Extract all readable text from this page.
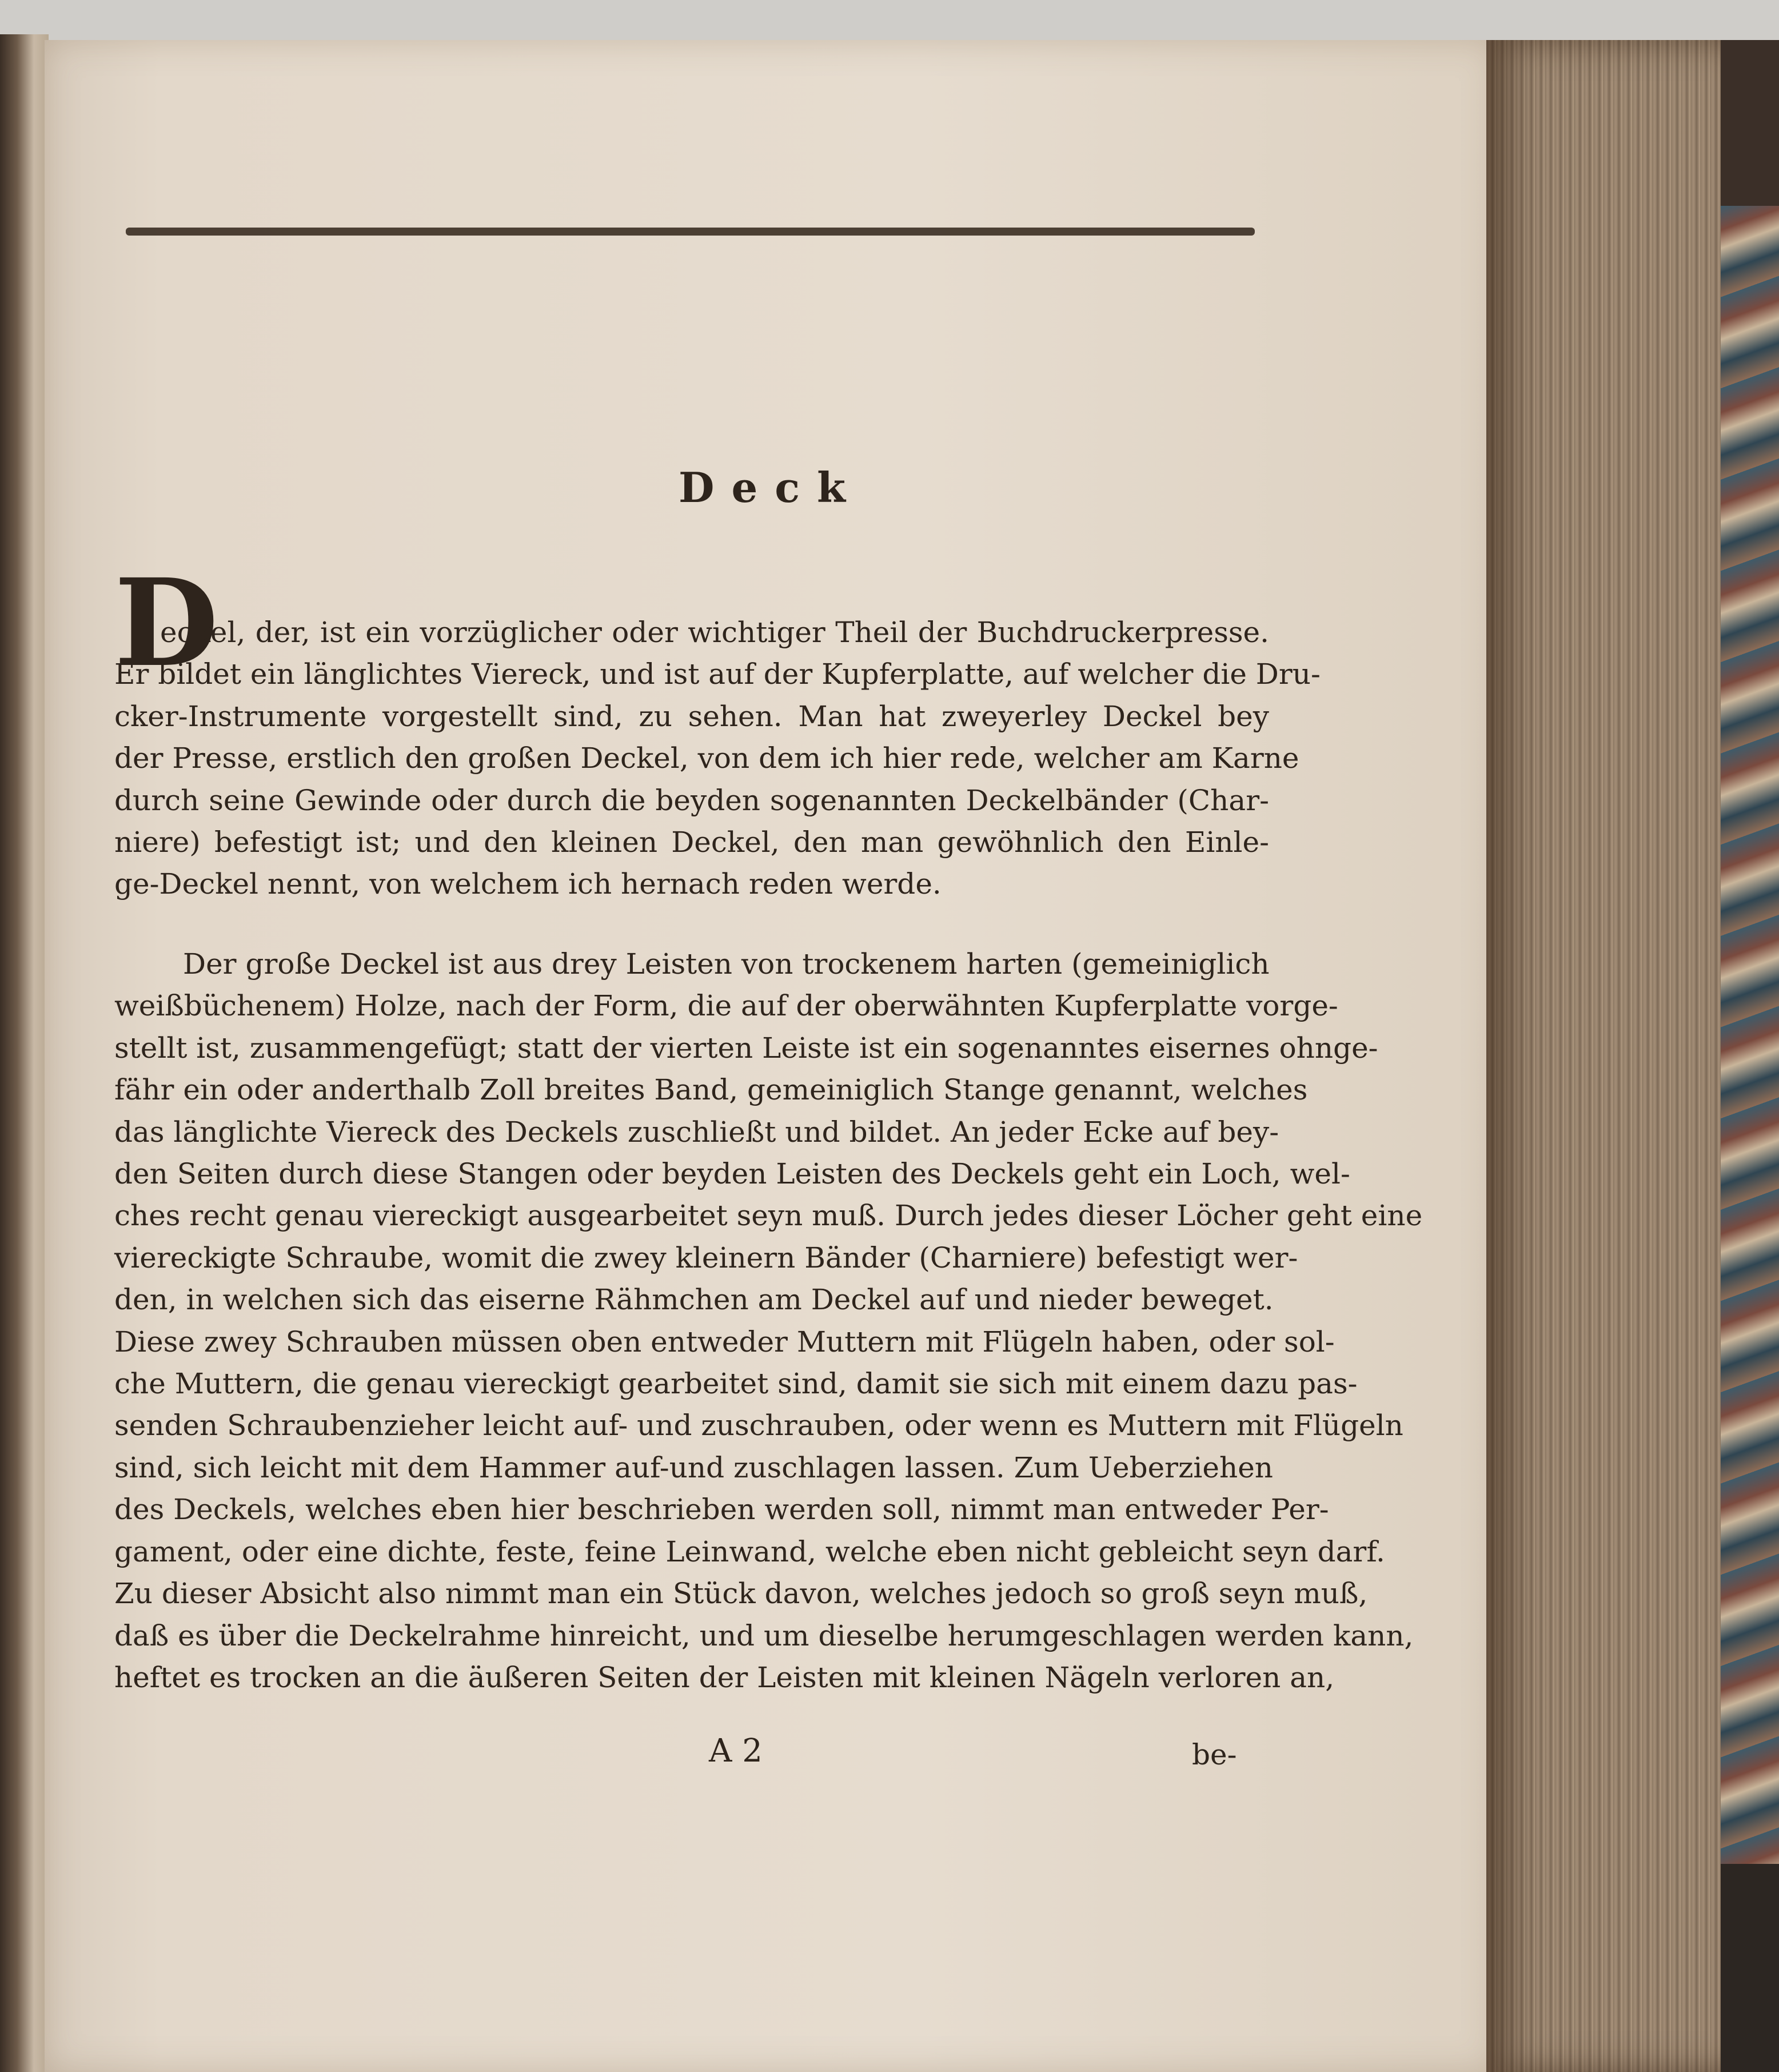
Deck
D
eckel, der, ist ein vorzüglicher oder wichtiger Theil der Buchdruckerpresse.
Er bildet ein länglichtes Viereck, und ist auf der Kupferplatte, auf welcher die Dru-
cker-Instrumente vorgestellt sind, zu sehen. Man hat zweyerley Deckel bey
der Presse, erstlich den großen Deckel, von dem ich hier rede, welcher am Karne
durch seine Gewinde oder durch die beyden sogenannten Deckelbänder (Char-
niere) befestigt ist; und den kleinen Deckel, den man gewöhnlich den Einle-
ge-Deckel nennt, von welchem ich hernach reden werde.
Der große Deckel ist aus drey Leisten von trockenem harten (gemeiniglich
weißbüchenem) Holze, nach der Form, die auf der oberwähnten Kupferplatte vorge-
stellt ist, zusammengefügt; statt der vierten Leiste ist ein sogenanntes eisernes ohnge-
fähr ein oder anderthalb Zoll breites Band, gemeiniglich Stange genannt, welches
das länglichte Viereck des Deckels zuschließt und bildet. An jeder Ecke auf bey-
den Seiten durch diese Stangen oder beyden Leisten des Deckels geht ein Loch, wel-
ches recht genau viereckigt ausgearbeitet seyn muß. Durch jedes dieser Löcher geht eine
viereckigte Schraube, womit die zwey kleinern Bänder (Charniere) befestigt wer-
den, in welchen sich das eiserne Rähmchen am Deckel auf und nieder beweget.
Diese zwey Schrauben müssen oben entweder Muttern mit Flügeln haben, oder sol-
che Muttern, die genau viereckigt gearbeitet sind, damit sie sich mit einem dazu pas-
senden Schraubenzieher leicht auf- und zuschrauben, oder wenn es Muttern mit Flügeln
sind, sich leicht mit dem Hammer auf-und zuschlagen lassen. Zum Ueberziehen
des Deckels, welches eben hier beschrieben werden soll, nimmt man entweder Per-
gament, oder eine dichte, feste, feine Leinwand, welche eben nicht gebleicht seyn darf.
Zu dieser Absicht also nimmt man ein Stück davon, welches jedoch so groß seyn muß,
daß es über die Deckelrahme hinreicht, und um dieselbe herumgeschlagen werden kann,
heftet es trocken an die äußeren Seiten der Leisten mit kleinen Nägeln verloren an,
A 2	be-
